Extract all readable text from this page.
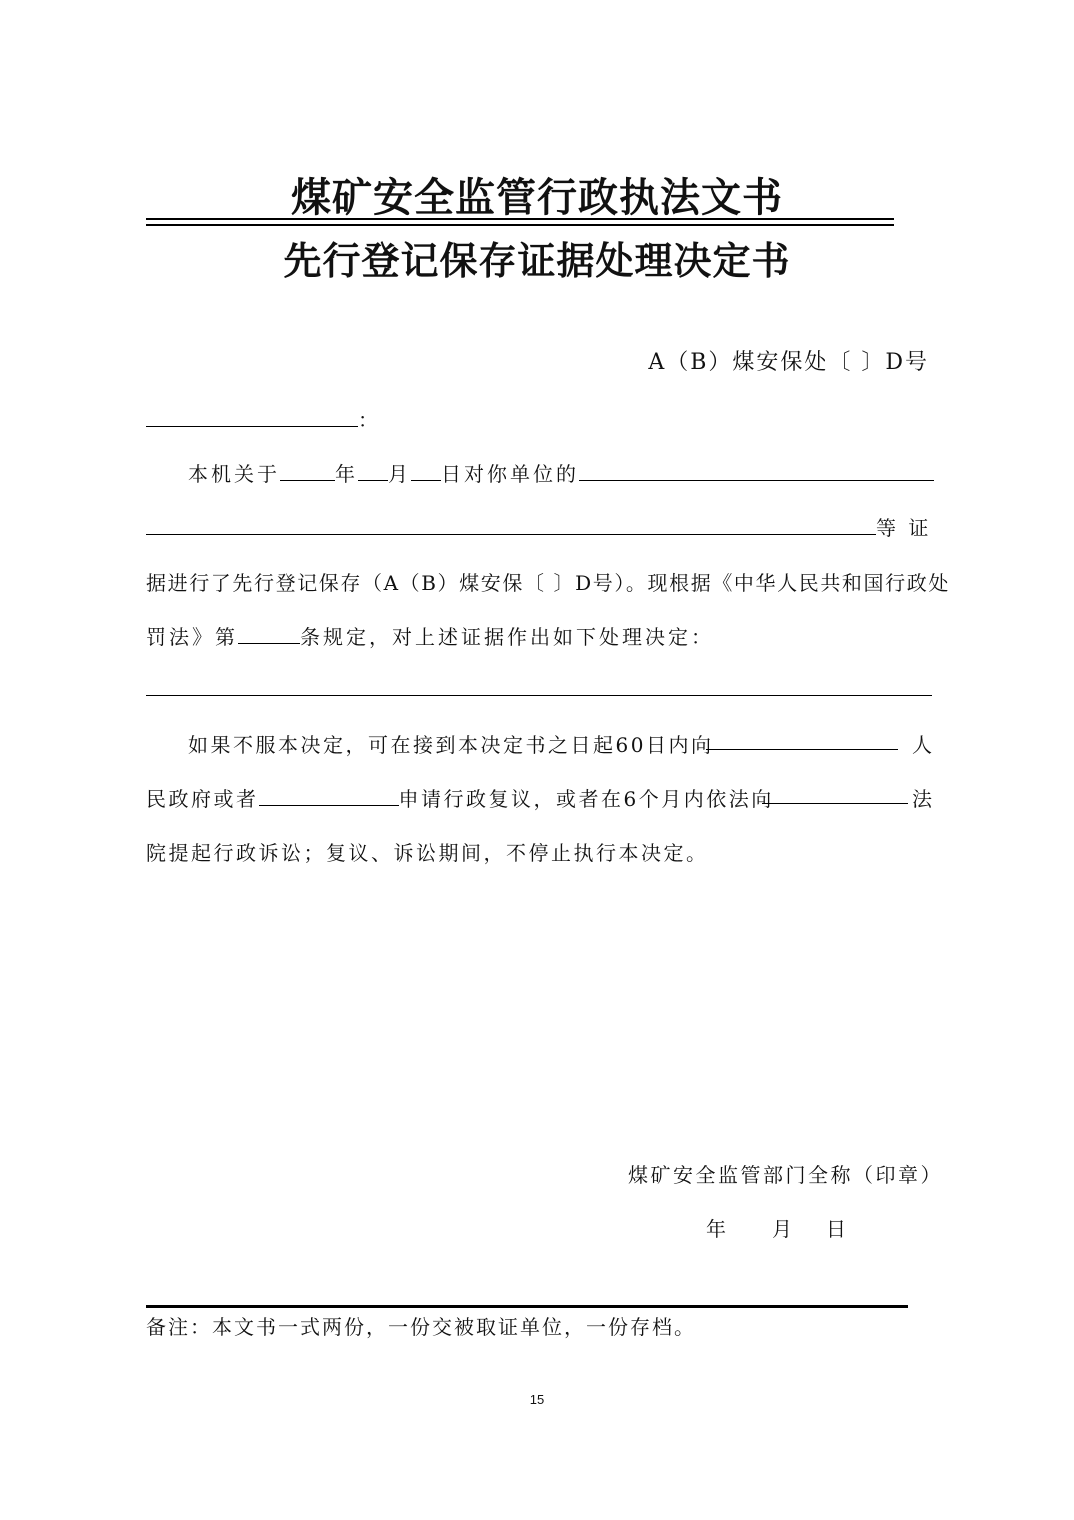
煤矿安全监管行政执法文书
先行登记保存证据处理决定书
A（B）煤安保处〔 〕D号
：
本机关于	年 月 日对你单位的
等 证
据进行了先行登记保存（A（B）煤安保〔 〕D号）。现根据《中华人民共和国行政处
罚法》第	条规定，对上述证据作出如下处理决定：
如果不服本决定，可在接到本决定书之日起60日内向	人
民政府或者	申请行政复议，或者在6个月内依法向	法
院提起行政诉讼；复议、诉讼期间，不停止执行本决定。
煤矿安全监管部门全称（印章）
年 月 日
备注：本文书一式两份，一份交被取证单位，一份存档。
15
